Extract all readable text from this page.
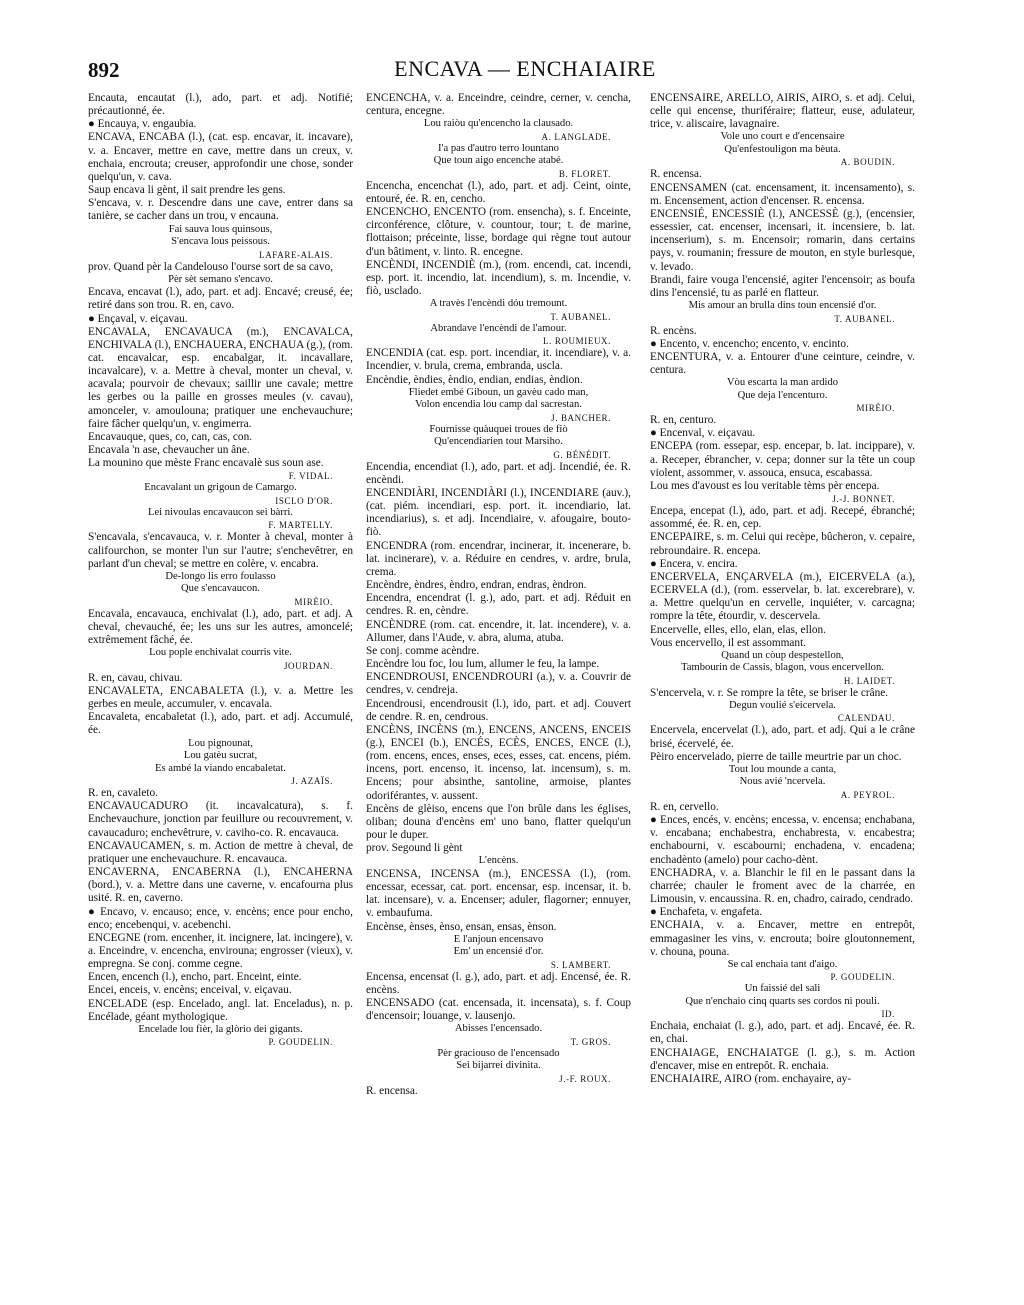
892	ENCAVA — ENCHAIAIRE

Encauta, encautat (l.), ado, part. et adj. Notifié; précautionné, ée.

● Encauya, v. engaubia.

ENCAVA, ENCABA (l.), (cat. esp. encavar, it. incavare), v. a. Encaver, mettre en cave, mettre dans un creux, v. enchaia, encrouta; creuser, approfondir une chose, sonder quelqu'un, v. cava.

Saup encava li gènt, il sait prendre les gens.

S'encava, v. r. Descendre dans une cave, entrer dans sa tanière, se cacher dans un trou, v encauna.

Fai sauva lous quinsous,

S'encava lous peissous.

LAFARE-ALAIS.

prov. Quand pèr la Candelouso l'ourse sort de sa cavo,

Pèr sèt semano s'encavo.

Encava, encavat (l.), ado, part. et adj. Encavé; creusé, ée; retiré dans son trou. R. en, cavo.

● Ençaval, v. eiçavau.

ENCAVALA, ENCAVAUCA (m.), ENCAVALCA, ENCHIVALA (l.), ENCHAUERA, ENCHAUA (g.), (rom. cat. encavalcar, esp. encabalgar, it. incavallare, incavalcare), v. a. Mettre à cheval, monter un cheval, v. acavala; pourvoir de chevaux; saillir une cavale; mettre les gerbes ou la paille en grosses meules (v. cavau), amonceler, v. amoulouna; pratiquer une enchevauchure; faire fâcher quelqu'un, v. engimerra.

Encavauque, ques, co, can, cas, con.

Encavala 'n ase, chevaucher un âne.

La mounino que mèste Franc encavalè sus soun ase.

F. VIDAL.

Encavalant un grigoun de Camargo.

ISCLO D'OR.

Lei nivoulas encavaucon sei bàrri.

F. MARTELLY.

S'encavala, s'encavauca, v. r. Monter à cheval, monter à califourchon, se monter l'un sur l'autre; s'enchevêtrer, en parlant d'un cheval; se mettre en colère, v. encabra.

De-longo lis erro foulasso

Que s'encavaucon.

MIRÈIO.

Encavala, encavauca, enchivalat (l.), ado, part. et adj. A cheval, chevauché, ée; les uns sur les autres, amoncelé; extrêmement fâché, ée.

Lou pople enchivalat courris vite.

JOURDAN.

R. en, cavau, chivau.

ENCAVALETA, ENCABALETA (l.), v. a. Mettre les gerbes en meule, accumuler, v. encavala.

Encavaleta, encabaletat (l.), ado, part. et adj. Accumulé, ée.

Lou pignounat,

Lou gatèu sucrat,

Es ambé la viando encabaletat.

J. AZAÏS.

R. en, cavaleto.

ENCAVAUCADURO (it. incavalcatura), s. f. Enchevauchure, jonction par feuillure ou recouvrement, v. cavaucaduro; enchevêtrure, v. caviho-co. R. encavauca.

ENCAVAUCAMEN, s. m. Action de mettre à cheval, de pratiquer une enchevauchure. R. encavauca.

ENCAVERNA, ENCABERNA (l.), ENCAHERNA (bord.), v. a. Mettre dans une caverne, v. encafourna plus usité. R. en, caverno.

● Encavo, v. encauso; ence, v. encèns; ence pour encho, enco; encebenqui, v. acebenchi.

ENCEGNE (rom. encenher, it. incignere, lat. incingere), v. a. Enceindre, v. encencha, envirouna; engrosser (vieux), v. empregna. Se conj. comme cegne.

Encen, encench (l.), encho, part. Enceint, einte.

Encei, enceis, v. encèns; enceival, v. eiçavau.

ENCELADE (esp. Encelado, angl. lat. Enceladus), n. p. Encélade, géant mythologique.

Encelade lou fièr, la glòrio dei gigants.

P. GOUDELIN.

ENCENCHA, v. a. Enceindre, ceindre, cerner, v. cencha, centura, encegne.

Lou raiòu qu'encencho la clausado.

A. LANGLADE.

I'a pas d'autro terro lountano

Que toun aigo encenche atabé.

B. FLORET.

Encencha, encenchat (l.), ado, part. et adj. Ceint, ointe, entouré, ée. R. en, cencho.

ENCENCHO, ENCENTO (rom. ensencha), s. f. Enceinte, circonférence, clôture, v. countour, tour; t. de marine, flottaison; préceinte, lisse, bordage qui règne tout autour d'un bâtiment, v. linto. R. encegne.

ENCÈNDI, INCENDIÈ (m.), (rom. encendi, cat. incendi, esp. port. it. incendio, lat. incendium), s. m. Incendie, v. fiò, usclado.

A travès l'encèndi dóu tremount.

T. AUBANEL.

Abrandave l'encèndi de l'amour.

L. ROUMIEUX.

ENCENDIA (cat. esp. port. incendiar, it. incendiare), v. a. Incendier, v. brula, crema, embranda, uscla.

Encèndie, èndies, èndio, endian, endias, èndion.

Fliedet embé Giboun, un gavèu cado man,

Volon encendia lou camp dal sacrestan.

J. BANCHER.

Fournisse quàuquei troues de fiò

Qu'encendiarien tout Marsiho.

G. BÉNÉDIT.

Encendia, encendiat (l.), ado, part. et adj. Incendié, ée. R. encèndi.

ENCENDIÀRI, INCENDIÀRI (l.), INCENDIARE (auv.), (cat. piém. incendiari, esp. port. it. incendiario, lat. incendiarius), s. et adj. Incendiaire, v. afougaire, bouto-fiò.

ENCENDRA (rom. encendrar, incinerar, it. incenerare, b. lat. incinerare), v. a. Réduire en cendres, v. ardre, brula, crema.

Encèndre, èndres, èndro, endran, endras, èndron.

Encendra, encendrat (l. g.), ado, part. et adj. Réduit en cendres. R. en, cèndre.

ENCÈNDRE (rom. cat. encendre, it. lat. incendere), v. a. Allumer, dans l'Aude, v. abra, aluma, atuba.

Se conj. comme acèndre.

Encèndre lou foc, lou lum, allumer le feu, la lampe.

ENCENDROUSI, ENCENDROURI (a.), v. a. Couvrir de cendres, v. cendreja.

Encendrousi, encendrousit (l.), ido, part. et adj. Couvert de cendre. R. en, cendrous.

ENCÈNS, INCÈNS (m.), ENCENS, ANCENS, ENCEIS (g.), ENCEI (b.), ENCÉS, ECÈS, ENCES, ENCE (l.), (rom. encens, ences, enses, eces, esses, cat. encens, piém. incens, port. encenso, it. incenso, lat. incensum), s. m. Encens; pour absinthe, santoline, armoise, plantes odoriférantes, v. aussent.

Encèns de glèiso, encens que l'on brûle dans les églises, oliban; douna d'encèns em' uno bano, flatter quelqu'un pour le duper.

prov. Segound li gènt

L'encèns.

ENCENSA, INCENSA (m.), ENCESSA (l.), (rom. encessar, ecessar, cat. port. encensar, esp. incensar, it. b. lat. incensare), v. a. Encenser; aduler, flagorner; ennuyer, v. embaufuma.

Encènse, ènses, ènso, ensan, ensas, ènson.

E l'anjoun encensavo

Em' un encensié d'or.

S. LAMBERT.

Encensa, encensat (l. g.), ado, part. et adj. Encensé, ée. R. encèns.

ENCENSADO (cat. encensada, it. incensata), s. f. Coup d'encensoir; louange, v. lausenjo.

Abisses l'encensado.

T. GROS.

Pèr graciouso de l'encensado

Sei bijarrei divinita.

J.-F. ROUX.

R. encensa.

ENCENSAIRE, ARELLO, AIRIS, AIRO, s. et adj. Celui, celle qui encense, thuriféraire; flatteur, euse, adulateur, trice, v. aliscaire, lavagnaire.

Vole uno court e d'encensaire

Qu'enfestouligon ma bèuta.

A. BOUDIN.

R. encensa.

ENCENSAMEN (cat. encensament, it. incensamento), s. m. Encensement, action d'encenser. R. encensa.

ENCENSIÉ, ENCESSIÈ (l.), ANCESSÈ (g.), (encensier, essessier, cat. encenser, incensari, it. incensiere, b. lat. incenserium), s. m. Encensoir; romarin, dans certains pays, v. roumanin; fressure de mouton, en style burlesque, v. levado.

Brandi, faire vouga l'encensié, agiter l'encensoir; as boufa dins l'encensié, tu as parlé en flatteur.

Mis amour an brulla dins toun encensié d'or.

T. AUBANEL.

R. encèns.

● Encento, v. encencho; encento, v. encinto.

ENCENTURA, v. a. Entourer d'une ceinture, ceindre, v. centura.

Vòu escarta la man ardido

Que deja l'encenturo.

MIRÈIO.

R. en, centuro.

● Encenval, v. eiçavau.

ENCEPA (rom. essepar, esp. encepar, b. lat. incippare), v. a. Receper, ébrancher, v. cepa; donner sur la tête un coup violent, assommer, v. assouca, ensuca, escabassa.

Lou mes d'avoust es lou veritable tèms pèr encepa.

J.-J. BONNET.

Encepa, encepat (l.), ado, part. et adj. Recepé, ébranché; assommé, ée. R. en, cep.

ENCEPAIRE, s. m. Celui qui recèpe, bûcheron, v. cepaire, rebroundaire. R. encepa.

● Encera, v. encira.

ENCERVELA, ENÇARVELA (m.), EICERVELA (a.), ECERVELA (d.), (rom. esservelar, b. lat. excerebrare), v. a. Mettre quelqu'un en cervelle, inquiéter, v. carcagna; rompre la tête, étourdir, v. descervela.

Encervelle, elles, ello, elan, elas, ellon.

Vous encervello, il est assommant.

Quand un còup despestellon,

Tambourin de Cassis, blagon, vous encervellon.

H. LAIDET.

S'encervela, v. r. Se rompre la tête, se briser le crâne.

Degun voulié s'eicervela.

CALENDAU.

Encervela, encervelat (l.), ado, part. et adj. Qui a le crâne brisé, écervelé, ée.

Pèiro encervelado, pierre de taille meurtrie par un choc.

Tout lou mounde a canta,

Nous avié 'ncervela.

A. PEYROL.

R. en, cervello.

● Ences, encés, v. encèns; encessa, v. encensa; enchabana, v. encabana; enchabestra, enchabresta, v. encabestra; enchabourni, v. escabourni; enchadena, v. encadena; enchadènto (amelo) pour cacho-dènt.

ENCHADRA, v. a. Blanchir le fil en le passant dans la charrée; chauler le froment avec de la charrée, en Limousin, v. encaussina. R. en, chadro, cairado, cendrado.

● Enchafeta, v. engafeta.

ENCHAIA, v. a. Encaver, mettre en entrepôt, emmagasiner les vins, v. encrouta; boire gloutonnement, v. chouna, pouna.

Se cal enchaia tant d'aigo.

P. GOUDELIN.

Un faissié del sali

Que n'enchaio cinq quarts ses cordos ni pouli.

ID.

Enchaia, enchaiat (l. g.), ado, part. et adj. Encavé, ée. R. en, chai.

ENCHAIAGE, ENCHAIATGE (l. g.), s. m. Action d'encaver, mise en entrepôt. R. enchaia.

ENCHAIAIRE, AIRO (rom. enchayaire, ay-
